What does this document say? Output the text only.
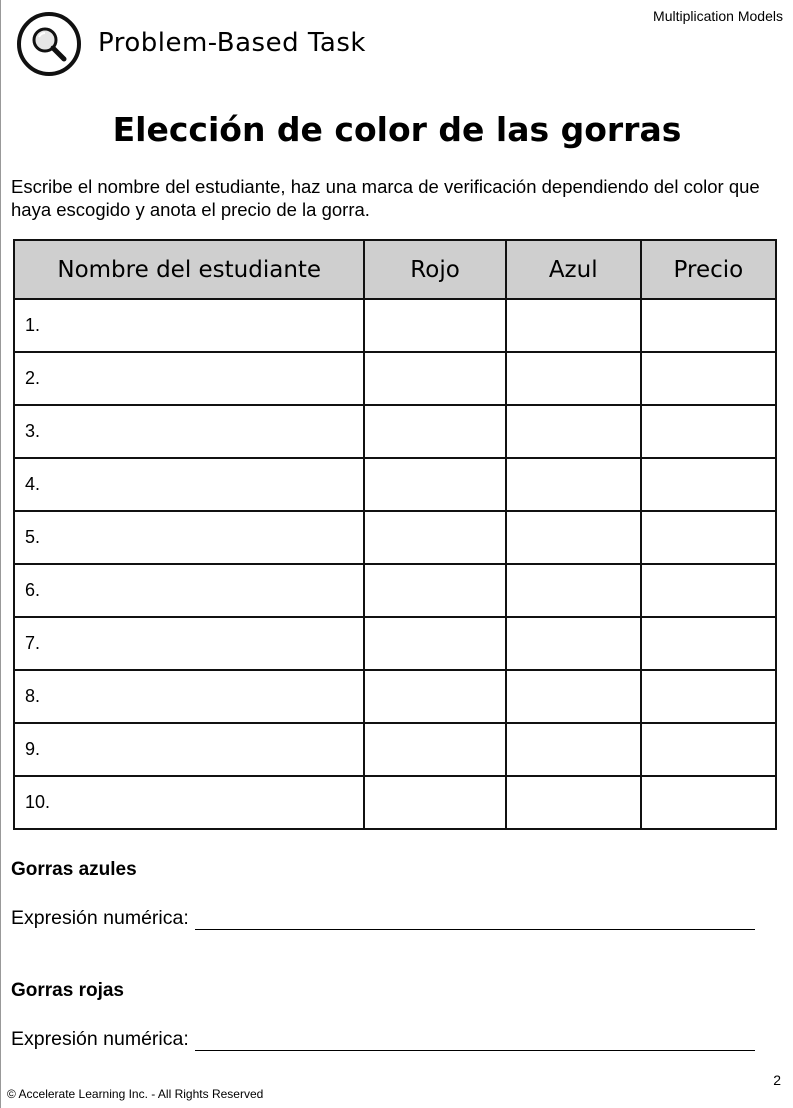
Multiplication Models
Problem-Based Task
Elección de color de las gorras
Escribe el nombre del estudiante, haz una marca de verificación dependiendo del color que haya escogido y anota el precio de la gorra.
Nombre del estudiante	Rojo	Azul	Precio
1.			
2.			
3.			
4.			
5.			
6.			
7.			
8.			
9.			
10.			
Gorras azules
Expresión numérica:
Gorras rojas
Expresión numérica:
2
© Accelerate Learning Inc. - All Rights Reserved
